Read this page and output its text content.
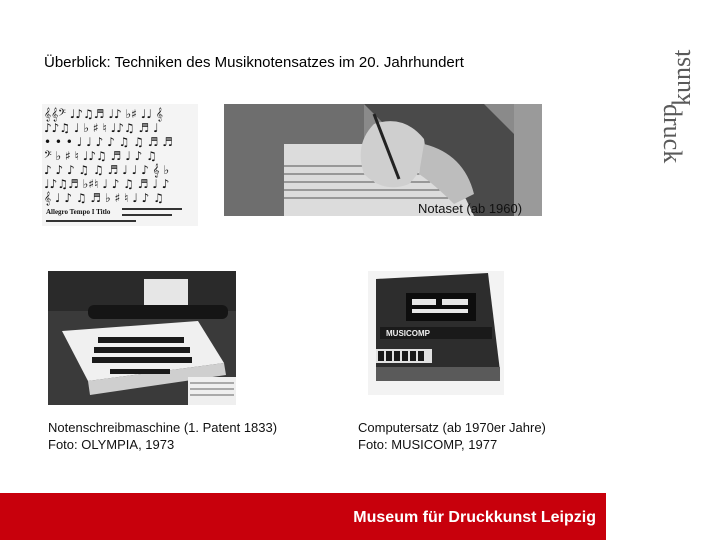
Überblick: Techniken des Musiknotensatzes im 20. Jahrhundert	kunst
druck
𝄞𝄞𝄢 ♩♪♫♬ ♩♪ ♭♯ ♩♩ 𝄞
♪♪♫ ♩ ♭ ♯ ♮ ♩♪♫ ♬ ♩
• • • ♩ ♩ ♪ ♪ ♫ ♫ ♬ ♬
𝄢 ♭ ♯ ♮ ♩♪♫ ♬ ♩ ♪ ♫
♪ ♪ ♪ ♫ ♫ ♬ ♩ ♩ ♪ 𝄞 ♭
♩♪♫♬ ♭♯♮ ♩ ♪ ♫ ♬ ♩ ♪
𝄞 ♩ ♪ ♫ ♬ ♭ ♯ ♮ ♩ ♪ ♫
Allegro Tempo I Titlo	Notaset (ab 1960)
Notenschreibmaschine (1. Patent 1833)
Foto: OLYMPIA, 1973
MUSICOMP
Computersatz (ab 1970er Jahre)
Foto: MUSICOMP, 1977
Museum für Druckkunst Leipzig
